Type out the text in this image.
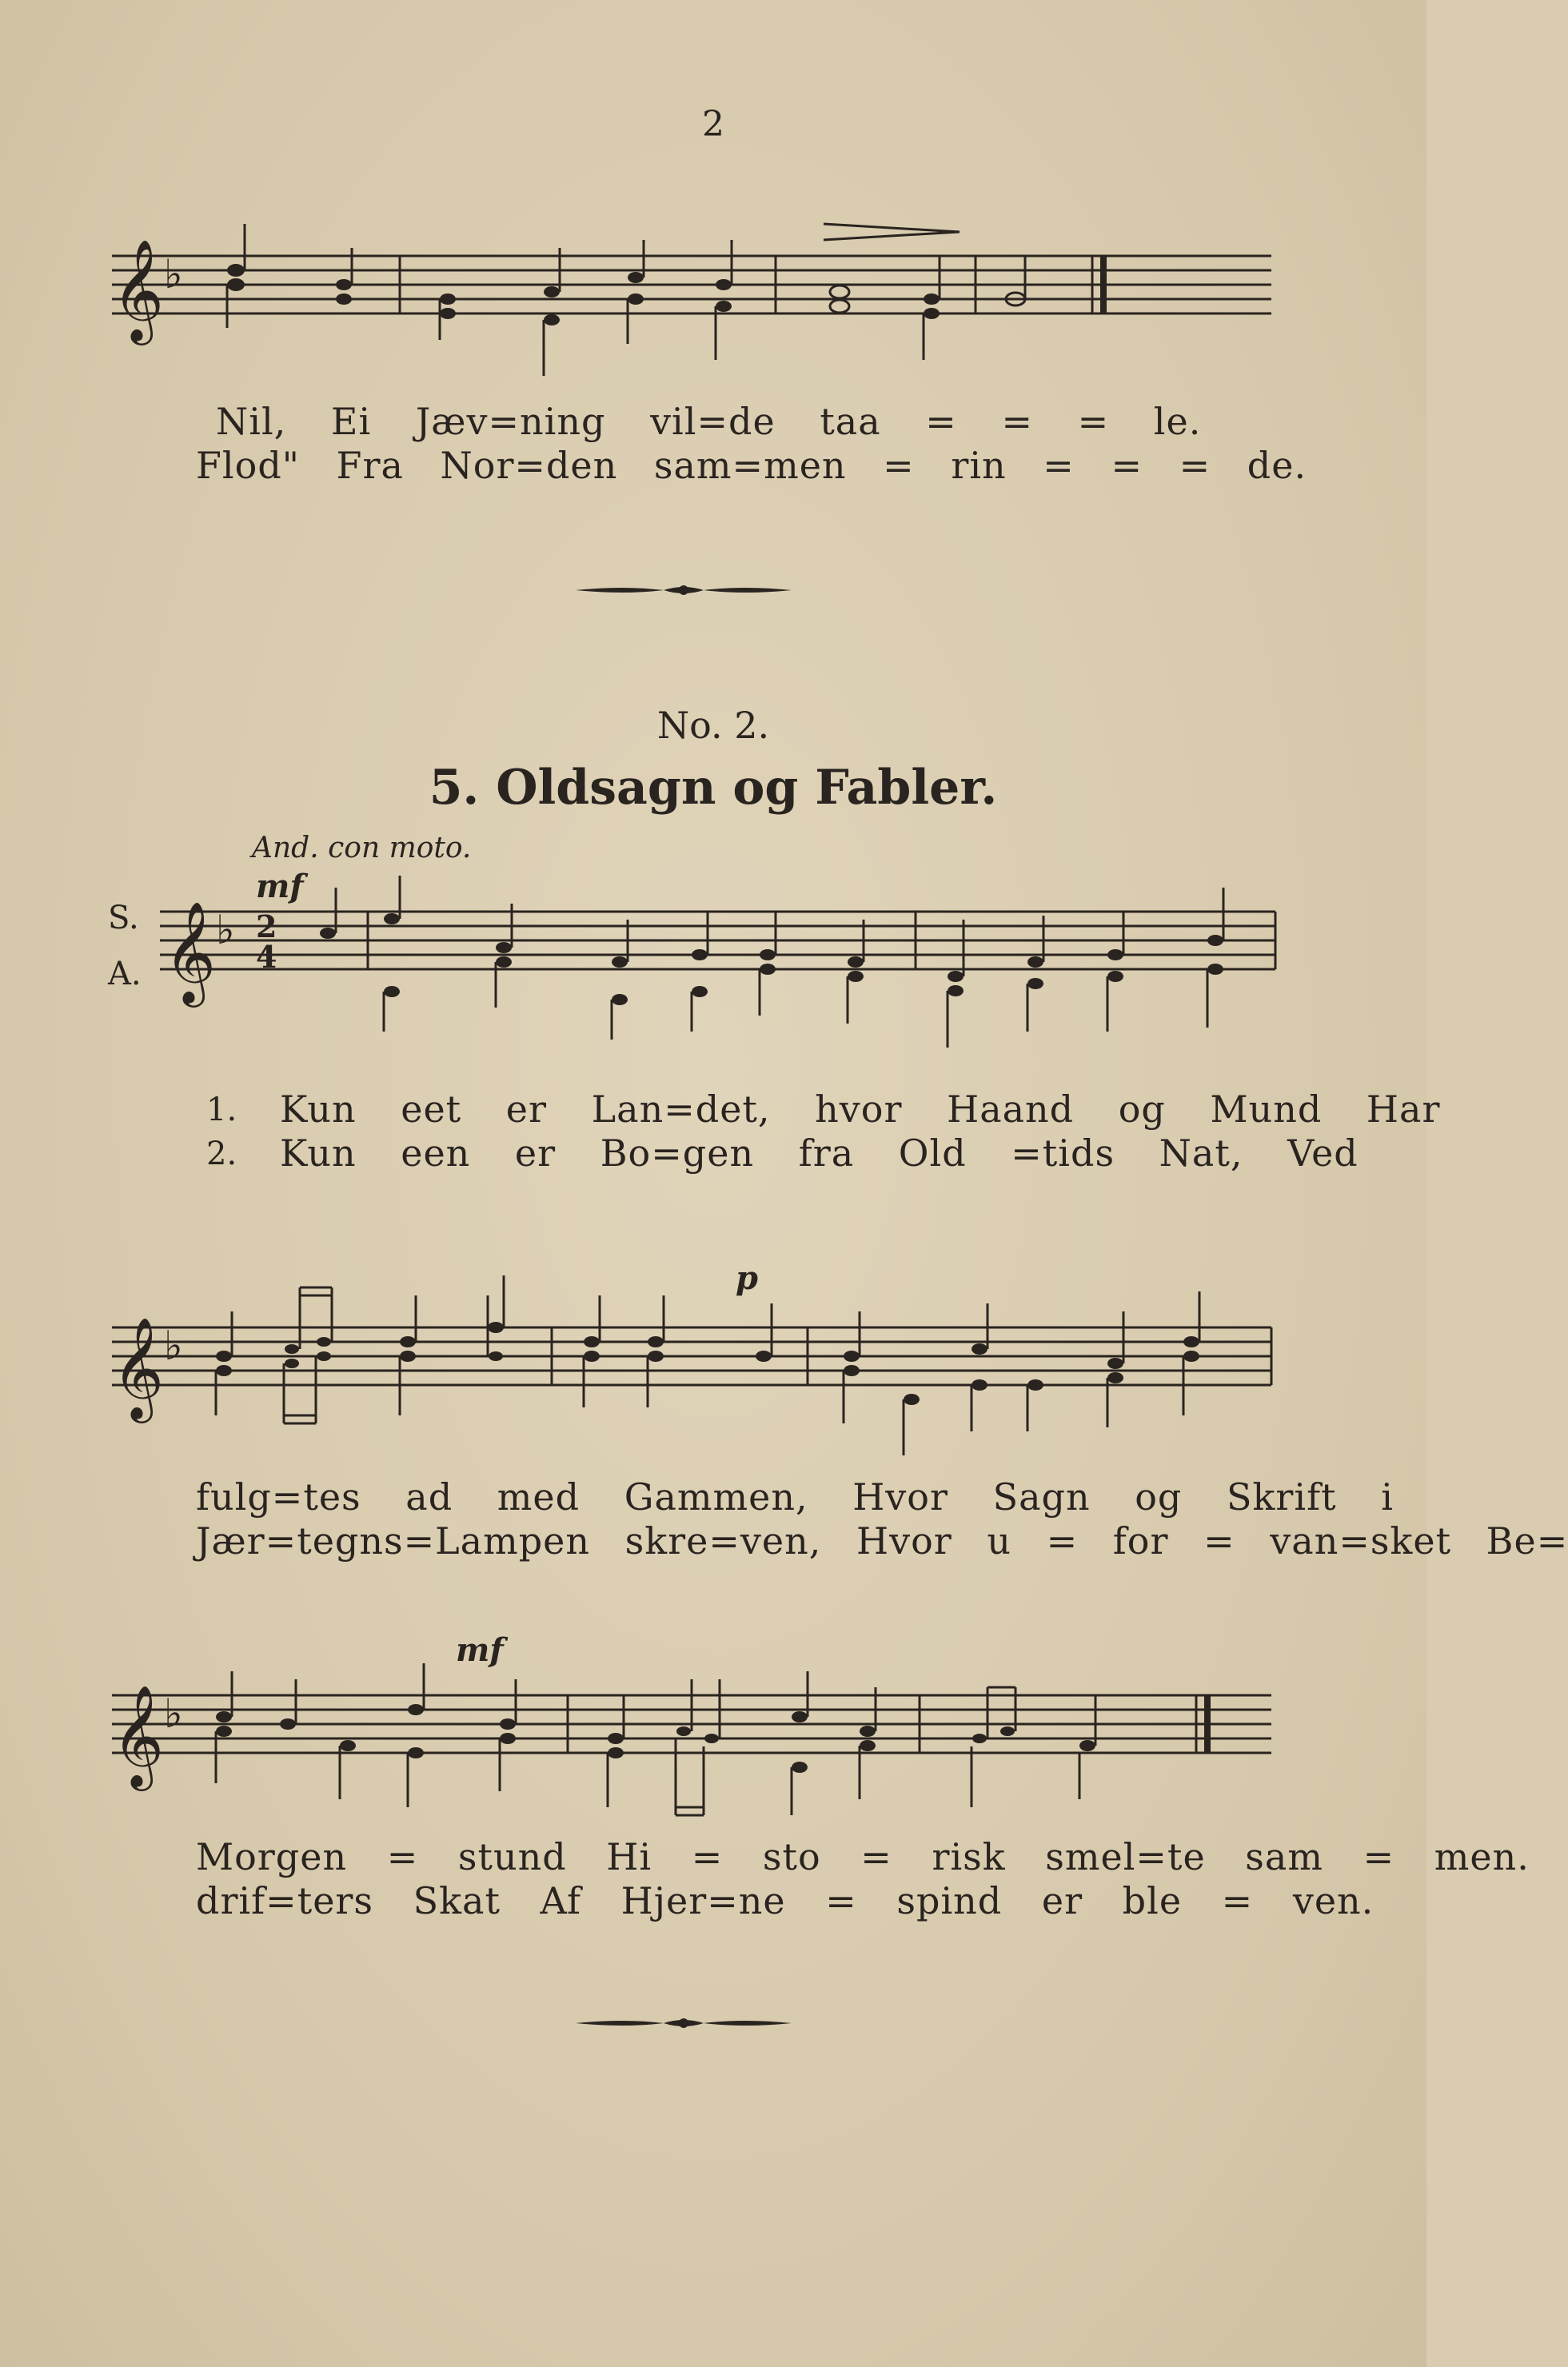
2
𝄞 ♭
Nil, Ei Jæv=ning vil=de taa = = = le.
Flod" Fra Nor=den sam=men = rin = = = de.
No. 2.
5. Oldsagn og Fabler.
And. con moto.
mf
S.
A. 𝄞 ♭ 2
4
1. Kun eet er Lan=det, hvor Haand og Mund Har
2. Kun een er Bo=gen fra Old =tids Nat, Ved
p
𝄞 ♭
fulg=tes ad med Gammen, Hvor Sagn og Skrift i
Jær=tegns=Lampen skre=ven, Hvor u = for = van=sket Be=
mf
𝄞 ♭
Morgen = stund Hi = sto = risk smel=te sam = men.
drif=ters Skat Af Hjer=ne = spind er ble = ven.
